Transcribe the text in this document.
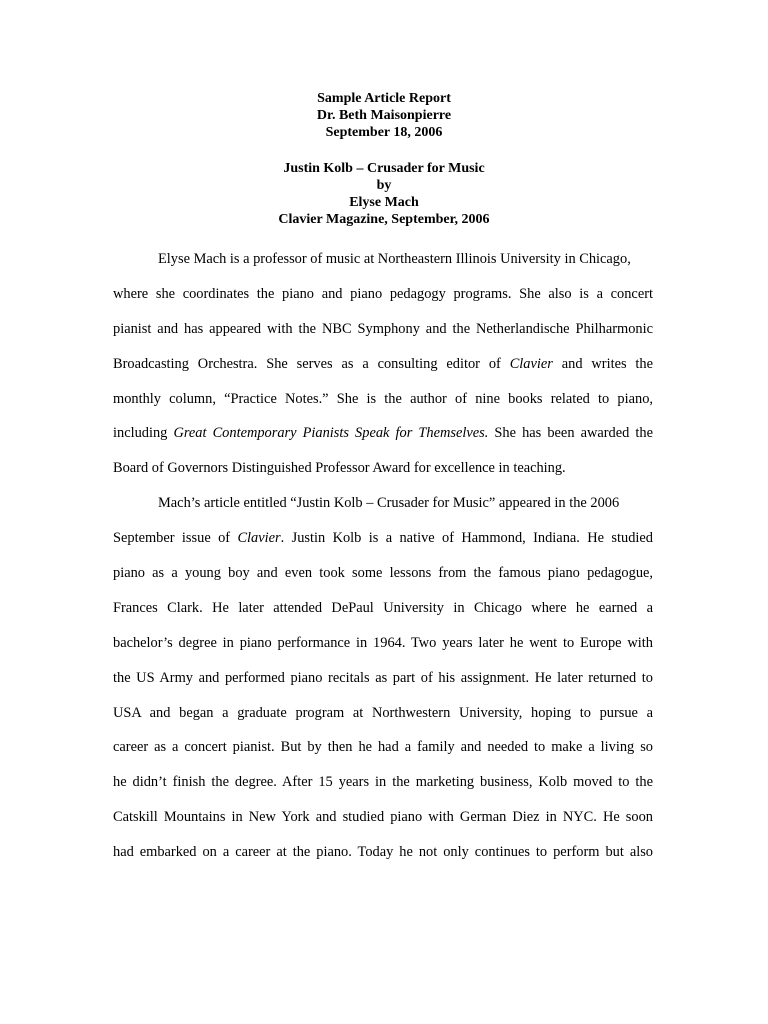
Sample Article Report
Dr. Beth Maisonpierre
September 18, 2006
Justin Kolb – Crusader for Music
by
Elyse Mach
Clavier Magazine, September, 2006
Elyse Mach is a professor of music at Northeastern Illinois University in Chicago,
where she coordinates the piano and piano pedagogy programs. She also is a concert
pianist and has appeared with the NBC Symphony and the Netherlandische Philharmonic
Broadcasting Orchestra. She serves as a consulting editor of Clavier and writes the
monthly column, “Practice Notes.” She is the author of nine books related to piano,
including Great Contemporary Pianists Speak for Themselves. She has been awarded the
Board of Governors Distinguished Professor Award for excellence in teaching.
Mach’s article entitled “Justin Kolb – Crusader for Music” appeared in the 2006
September issue of Clavier. Justin Kolb is a native of Hammond, Indiana. He studied
piano as a young boy and even took some lessons from the famous piano pedagogue,
Frances Clark. He later attended DePaul University in Chicago where he earned a
bachelor’s degree in piano performance in 1964. Two years later he went to Europe with
the US Army and performed piano recitals as part of his assignment. He later returned to
USA and began a graduate program at Northwestern University, hoping to pursue a
career as a concert pianist. But by then he had a family and needed to make a living so
he didn’t finish the degree. After 15 years in the marketing business, Kolb moved to the
Catskill Mountains in New York and studied piano with German Diez in NYC. He soon
had embarked on a career at the piano. Today he not only continues to perform but also
